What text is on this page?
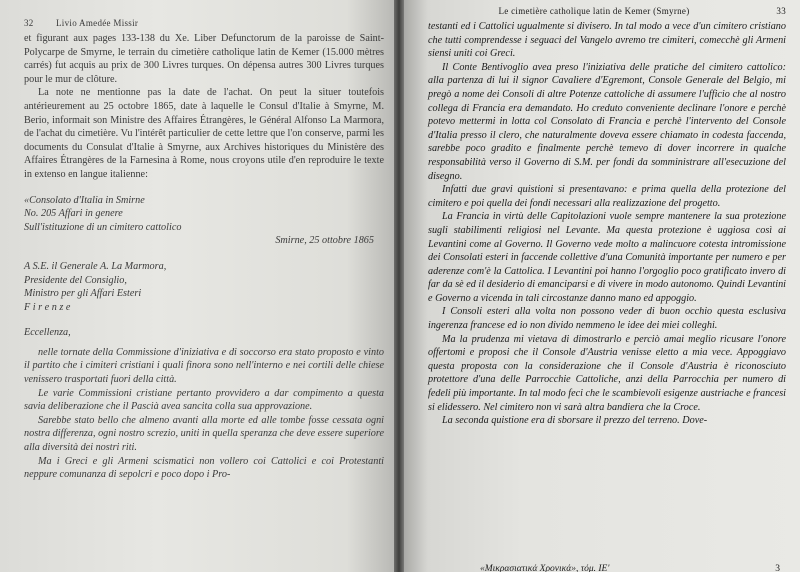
32 Livio Amedée Missir

et figurant aux pages 133-138 du Xe. Liber Defunctorum de la paroisse de Saint-Polycarpe de Smyrne, le terrain du cimetière catholique latin de Kemer (15.000 mètres carrés) fut acquis au prix de 300 Livres turques. On dépensa autres 300 Livres turques pour le mur de clôture.

La note ne mentionne pas la date de l'achat. On peut la situer toutefois antérieurement au 25 octobre 1865, date à laquelle le Consul d'Italie à Smyrne, M. Berio, informait son Ministre des Affaires Étrangères, le Général Alfonso La Marmora, de l'achat du cimetière. Vu l'intérêt particulier de cette lettre que l'on conserve, parmi les documents du Consulat d'Italie à Smyrne, aux Archives historiques du Ministère des Affaires Étrangères de la Farnesina à Rome, nous croyons utile d'en reproduire le texte in extenso en langue italienne:

«Consolato d'Italia in Smirne
No. 205 Affari in genere
Sull'istituzione di un cimitero cattolico
Smirne, 25 ottobre 1865
A S.E. il Generale A. La Marmora,
Presidente del Consiglio,
Ministro per gli Affari Esteri
F i r e n z e
Eccellenza,

nelle tornate della Commissione d'iniziativa e di soccorso era stato proposto e vinto il partito che i cimiteri cristiani i quali finora sono nell'interno e nei cortili delle chiese venissero trasportati fuori della città.

Le varie Commissioni cristiane pertanto provvidero a dar compimento a questa savia deliberazione che il Pascià avea sancita colla sua approvazione.

Sarebbe stato bello che almeno avanti alla morte ed alle tombe fosse cessata ogni nostra differenza, ogni nostro screzio, uniti in quella speranza che deve essere superiore alla diversità dei nostri riti.

Ma i Greci e gli Armeni scismatici non vollero coi Cattolici e coi Protestanti neppure comunanza di sepolcri e poco dopo i Pro-

Le cimetière catholique latin de Kemer (Smyrne)	33

testanti ed i Cattolici ugualmente si divisero. In tal modo a vece d'un cimitero cristiano che tutti comprendesse i seguaci del Vangelo avremo tre cimiteri, comecchè gli Armeni siensi uniti coi Greci.

Il Conte Bentivoglio avea preso l'iniziativa delle pratiche del cimitero cattolico: alla partenza di lui il signor Cavaliere d'Egremont, Console Generale del Belgio, mi pregò a nome dei Consoli di altre Potenze cattoliche di assumere l'ufficio che al nostro collega di Francia era demandato. Ho creduto conveniente declinare l'onore e perchè potevo mettermi in lotta col Consolato di Francia e perchè l'intervento del Console d'Italia presso il clero, che naturalmente doveva essere chiamato in codesta faccenda, sarebbe poco gradito e finalmente perchè temevo di dover incorrere in qualche responsabilità verso il Governo di S.M. per fondi da somministrare all'esecuzione del disegno.

Infatti due gravi quistioni si presentavano: e prima quella della protezione del cimitero e poi quella dei fondi necessari alla realizzazione del progetto.

La Francia in virtù delle Capitolazioni vuole sempre mantenere la sua protezione sugli stabilimenti religiosi nel Levante. Ma questa protezione è uggiosa così ai Levantini come al Governo. Il Governo vede molto a malincuore cotesta intromissione dei Consolati esteri in faccende collettive d'una Comunità importante per numero e per aderenze com'è la Cattolica. I Levantini poi hanno l'orgoglio poco gratificato invero di far da sè ed il desiderio di emanciparsi e di vivere in modo autonomo. Quindi Levantini e Governo a vicenda in tali circostanze danno mano ed appoggio.

I Consoli esteri alla volta non possono veder di buon occhio questa esclusiva ingerenza francese ed io non divido nemmeno le idee dei miei colleghi.

Ma la prudenza mi vietava di dimostrarlo e perciò amai meglio ricusare l'onore offertomi e proposi che il Console d'Austria venisse eletto a mia vece. Appoggiavo questa proposta con la considerazione che il Console d'Austria è riconosciuto protettore d'una delle Parrocchie Cattoliche, anzi della Parrocchia per numero di fedeli più importante. In tal modo feci che le scambievoli esigenze austriache e francesi si elidessero. Nel cimitero non vi sarà altra bandiera che la Croce.

La seconda quistione era di sborsare il prezzo del terreno. Dove-

«Μικρασιατικά Χρονικά», τόμ. ΙΕ'	3
